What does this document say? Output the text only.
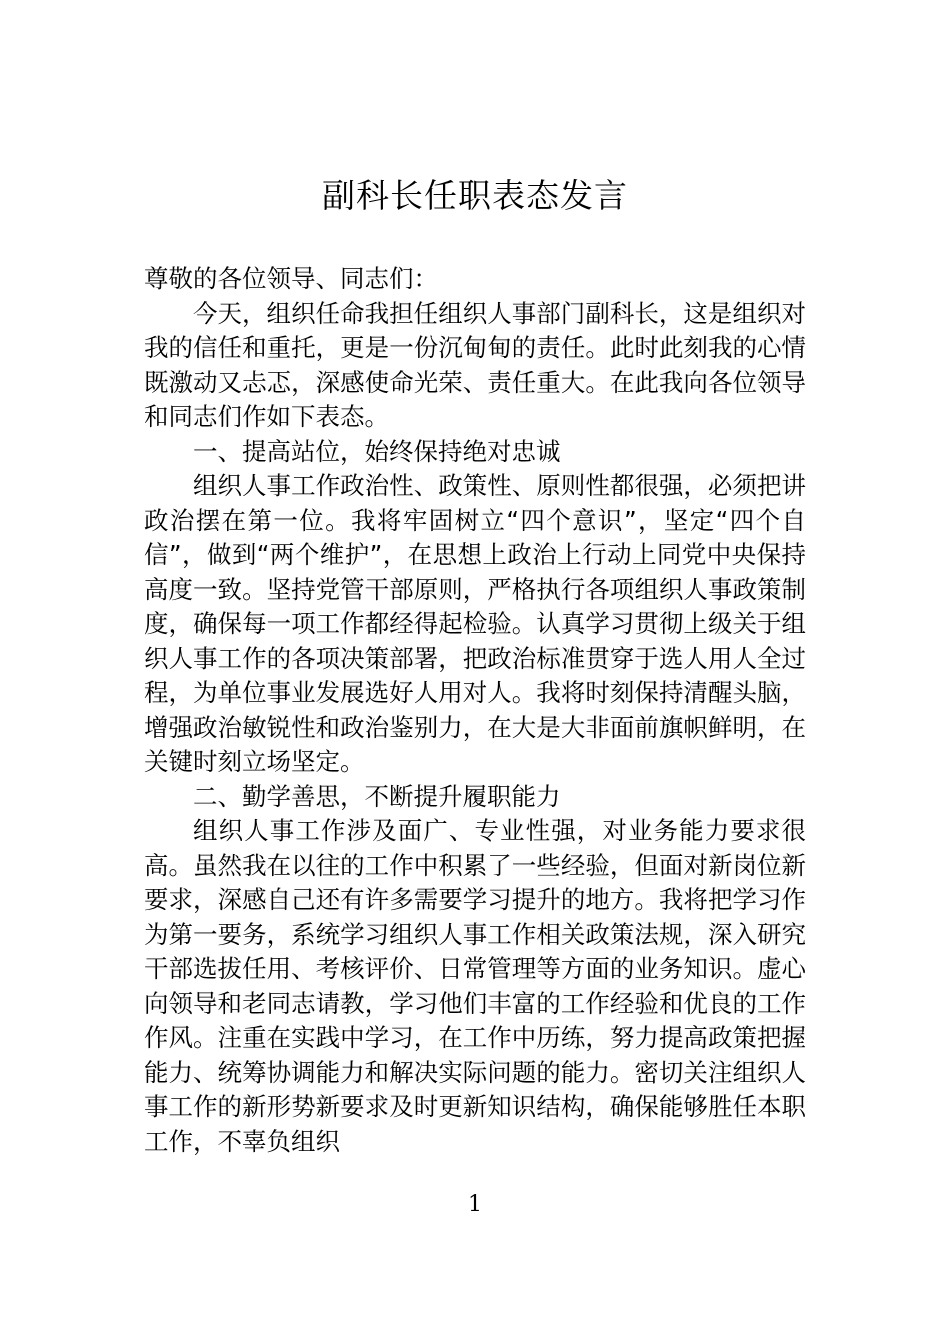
副科长任职表态发言

尊敬的各位领导、同志们：

今天，组织任命我担任组织人事部门副科长，这是组织对我的信任和重托，更是一份沉甸甸的责任。此时此刻我的心情既激动又忐忑，深感使命光荣、责任重大。在此我向各位领导和同志们作如下表态。

一、提高站位，始终保持绝对忠诚

组织人事工作政治性、政策性、原则性都很强，必须把讲政治摆在第一位。我将牢固树立“四个意识”，坚定“四个自信”，做到“两个维护”，在思想上政治上行动上同党中央保持高度一致。坚持党管干部原则，严格执行各项组织人事政策制度，确保每一项工作都经得起检验。认真学习贯彻上级关于组织人事工作的各项决策部署，把政治标准贯穿于选人用人全过程，为单位事业发展选好人用对人。我将时刻保持清醒头脑，增强政治敏锐性和政治鉴别力，在大是大非面前旗帜鲜明，在关键时刻立场坚定。

二、勤学善思，不断提升履职能力

组织人事工作涉及面广、专业性强，对业务能力要求很高。虽然我在以往的工作中积累了一些经验，但面对新岗位新要求，深感自己还有许多需要学习提升的地方。我将把学习作为第一要务，系统学习组织人事工作相关政策法规，深入研究干部选拔任用、考核评价、日常管理等方面的业务知识。虚心向领导和老同志请教，学习他们丰富的工作经验和优良的工作作风。注重在实践中学习，在工作中历练，努力提高政策把握能力、统筹协调能力和解决实际问题的能力。密切关注组织人事工作的新形势新要求及时更新知识结构，确保能够胜任本职工作，不辜负组织

1
